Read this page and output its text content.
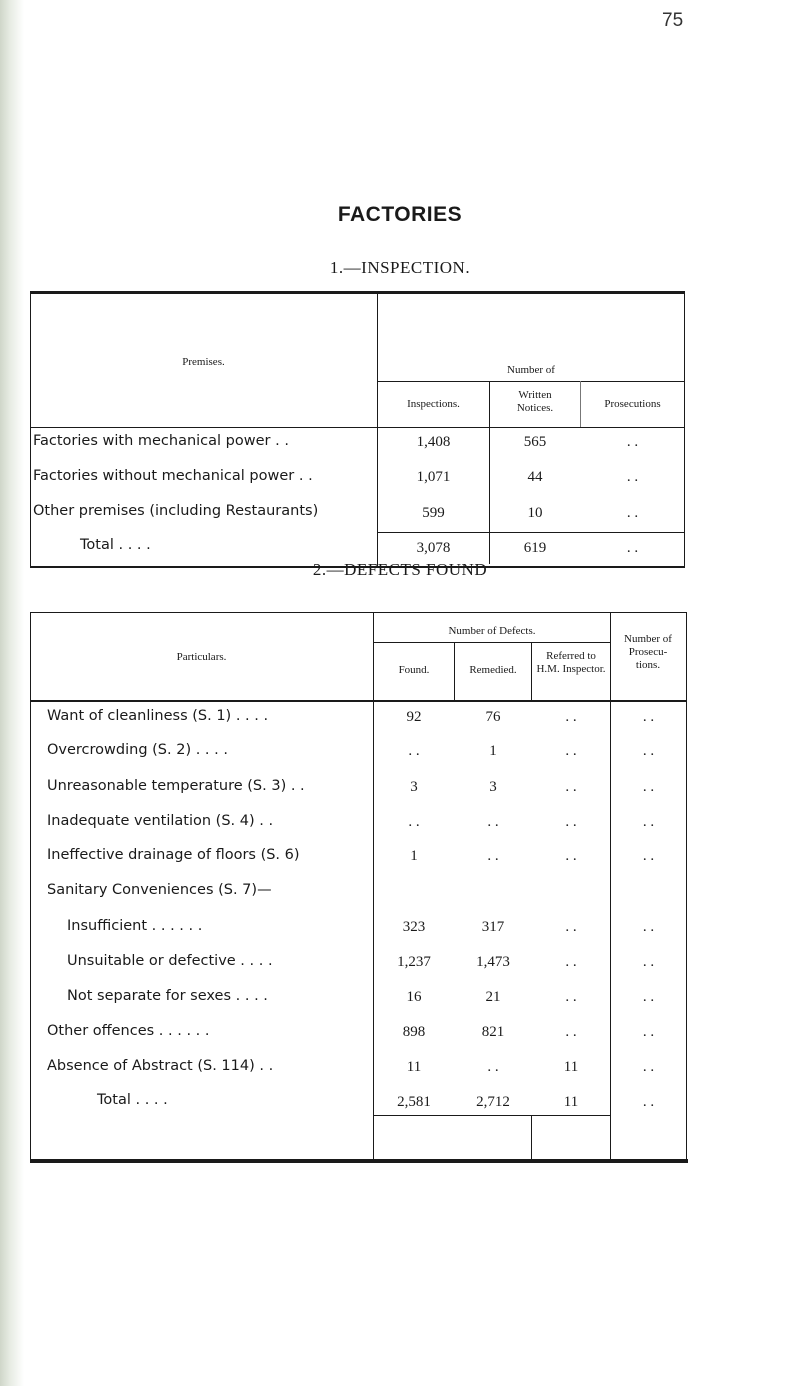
75
FACTORIES
1.—INSPECTION.
Premises.
Number of
Inspections.
Written Notices.	Prosecutions
Factories with mechanical power . .	1,408	565	. .
Factories without mechanical power . .	1,071	44	. .
Other premises (including Restaurants)	599	10	. .
Total . . . .	3,078	619	. .
2.—DEFECTS FOUND
Particulars.
Number of Defects.
Found.	Remedied.
Referred to H.M. Inspector.
Number of Prosecu- tions.
Want of cleanliness (S. 1) . . . .	92	76	. .	. .
Overcrowding (S. 2) . . . .	. .	1	. .	. .
Unreasonable temperature (S. 3) . .	3	3	. .	. .
Inadequate ventilation (S. 4) . .	. .	. .	. .	. .
Ineffective drainage of floors (S. 6)	1	. .	. .	. .
Sanitary Conveniences (S. 7)—
Insufficient . . . . . .	323	317	. .	. .
Unsuitable or defective . . . .	1,237	1,473	. .	. .
Not separate for sexes . . . .	16	21	. .	. .
Other offences . . . . . .	898	821	. .	. .
Absence of Abstract (S. 114) . .	11	. .	11	. .
Total . . . .	2,581	2,712	11	. .
